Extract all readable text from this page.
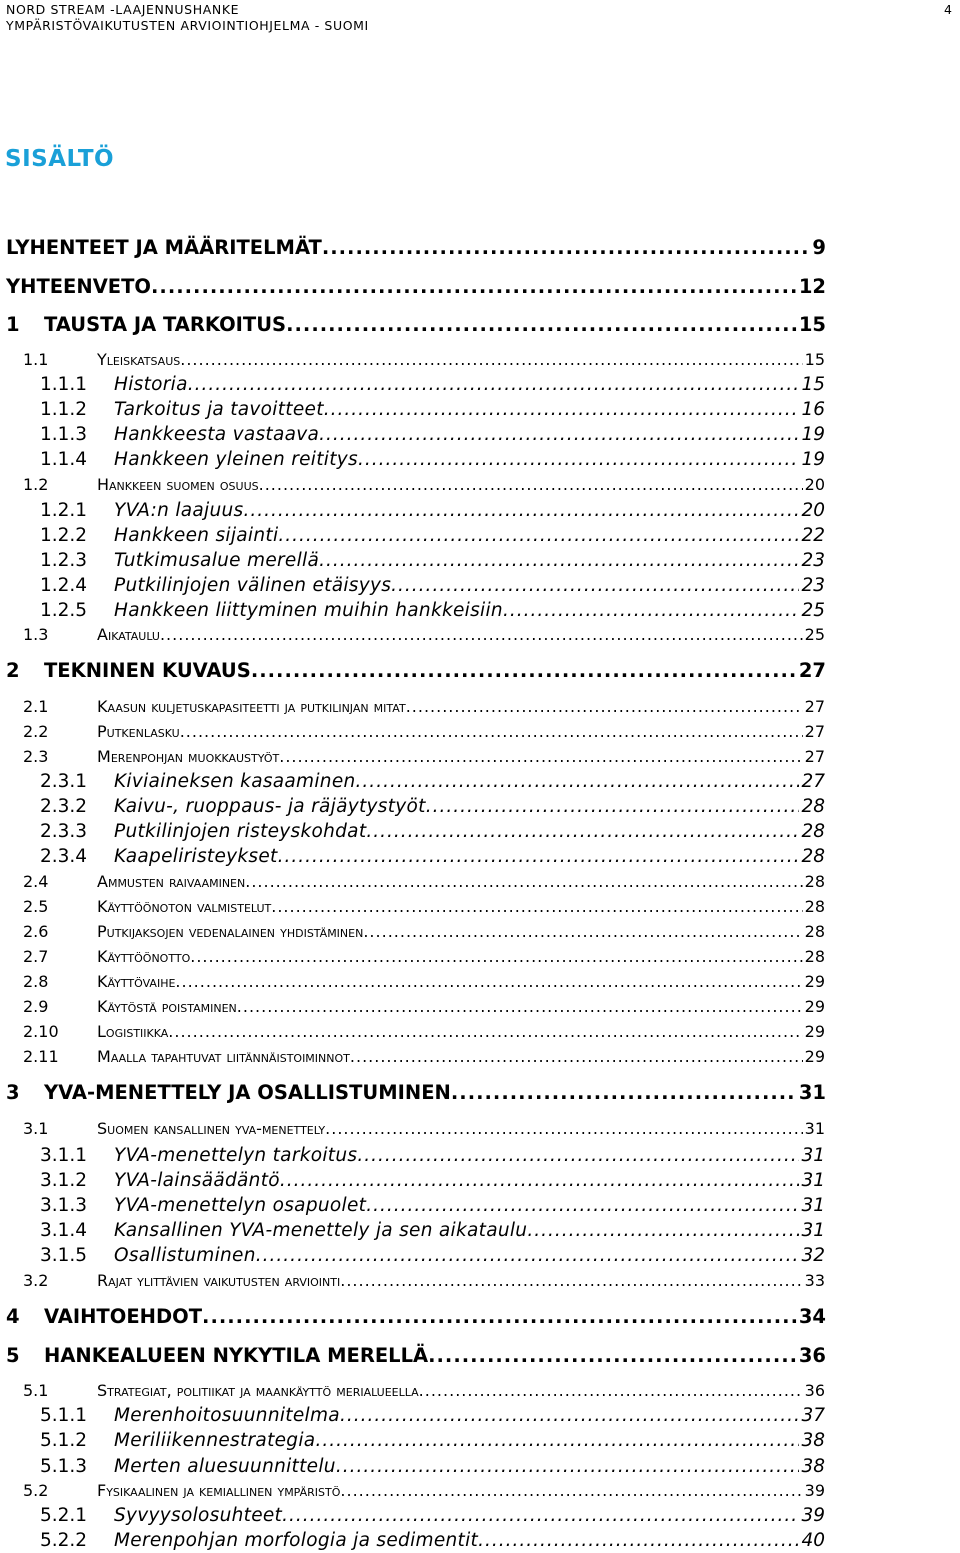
NORD STREAM -LAAJENNUSHANKE
YMPÄRISTÖVAIKUTUSTEN ARVIOINTIOHJELMA - SUOMI
4
SISÄLTÖ
LYHENTEET JA MÄÄRITELMÄT .....	9
YHTEENVETO .....	12
1	TAUSTA JA TARKOITUS .....	15
1.1	yleiskatsaus .....	15
1.1.1	Historia .....	15
1.1.2	Tarkoitus ja tavoitteet .....	16
1.1.3	Hankkeesta vastaava .....	19
1.1.4	Hankkeen yleinen reititys .....	19
1.2	hankkeen suomen osuus .....	20
1.2.1	YVA:n laajuus .....	20
1.2.2	Hankkeen sijainti .....	22
1.2.3	Tutkimusalue merellä .....	23
1.2.4	Putkilinjojen välinen etäisyys .....	23
1.2.5	Hankkeen liittyminen muihin hankkeisiin .....	25
1.3	aikataulu .....	25
2	TEKNINEN KUVAUS .....	27
2.1	kaasun kuljetuskapasiteetti ja putkilinjan mitat .....	27
2.2	putkenlasku .....	27
2.3	merenpohjan muokkaustyöt .....	27
2.3.1	Kiviaineksen kasaaminen .....	27
2.3.2	Kaivu-, ruoppaus- ja räjäytystyöt .....	28
2.3.3	Putkilinjojen risteyskohdat .....	28
2.3.4	Kaapeliristeykset .....	28
2.4	ammusten raivaaminen .....	28
2.5	käyttöönoton valmistelut .....	28
2.6	putkijaksojen vedenalainen yhdistäminen .....	28
2.7	käyttöönotto .....	28
2.8	käyttövaihe .....	29
2.9	käytöstä poistaminen .....	29
2.10	logistiikka .....	29
2.11	maalla tapahtuvat liitännäistoiminnot .....	29
3	YVA-MENETTELY JA OSALLISTUMINEN .....	31
3.1	suomen kansallinen yva-menettely .....	31
3.1.1	YVA-menettelyn tarkoitus .....	31
3.1.2	YVA-lainsäädäntö .....	31
3.1.3	YVA-menettelyn osapuolet .....	31
3.1.4	Kansallinen YVA-menettely ja sen aikataulu .....	31
3.1.5	Osallistuminen .....	32
3.2	rajat ylittävien vaikutusten arviointi .....	33
4	VAIHTOEHDOT .....	34
5	HANKEALUEEN NYKYTILA MERELLÄ .....	36
5.1	strategiat, politiikat ja maankäyttö merialueella .....	36
5.1.1	Merenhoitosuunnitelma .....	37
5.1.2	Meriliikennestrategia .....	38
5.1.3	Merten aluesuunnittelu .....	38
5.2	fysikaalinen ja kemiallinen ympäristö .....	39
5.2.1	Syvyysolosuhteet .....	39
5.2.2	Merenpohjan morfologia ja sedimentit .....	40
